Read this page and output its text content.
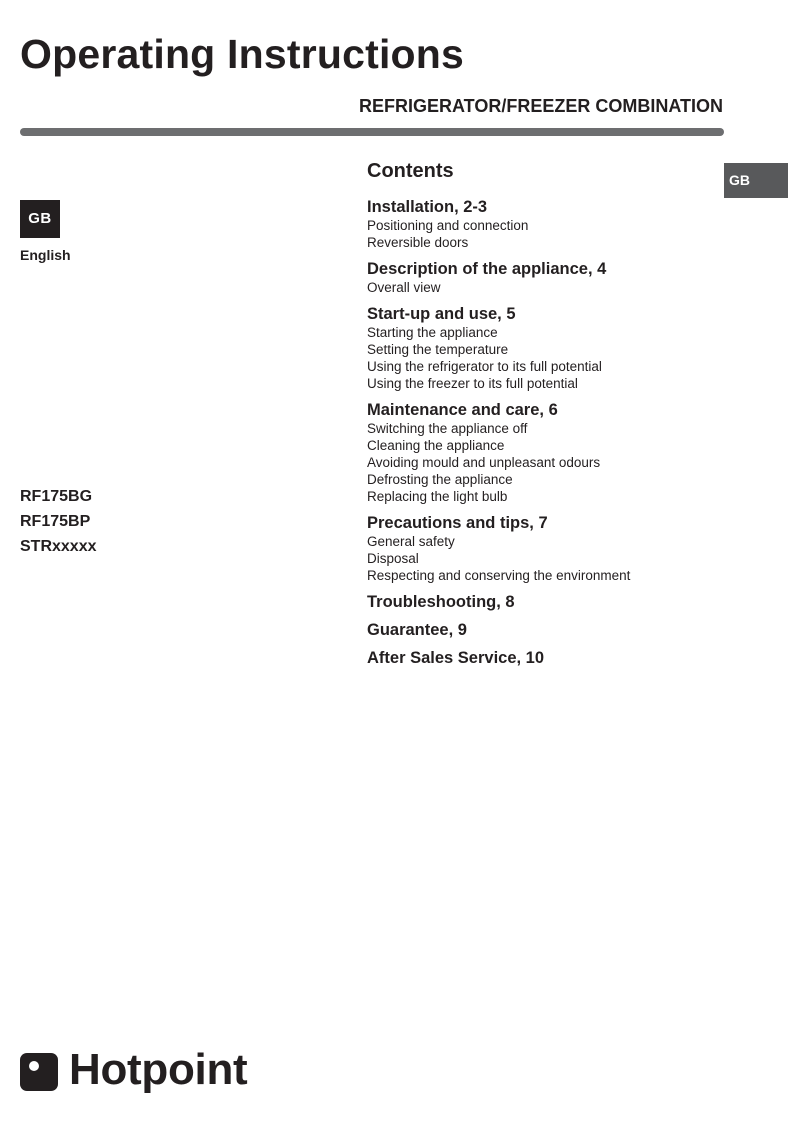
Operating Instructions
REFRIGERATOR/FREEZER COMBINATION
GB
GB
English
RF175BG
RF175BP
STRxxxxx
Contents
Installation, 2-3
Positioning and connection
Reversible doors
Description of the appliance, 4
Overall view
Start-up and use, 5
Starting the appliance
Setting the temperature
Using the refrigerator to its full potential
Using the freezer to its full potential
Maintenance and care, 6
Switching the appliance off
Cleaning the appliance
Avoiding mould and unpleasant odours
Defrosting the appliance
Replacing the light bulb
Precautions and tips, 7
General safety
Disposal
Respecting and conserving the environment
Troubleshooting, 8
Guarantee, 9
After Sales Service, 10
Hotpoint
